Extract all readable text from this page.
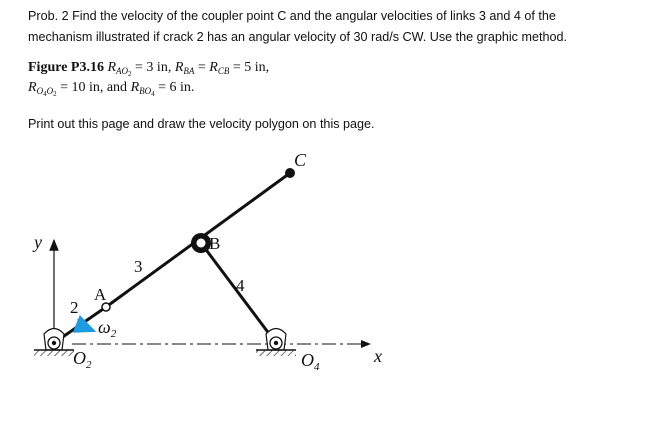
Prob. 2 Find the velocity of the coupler point C and the angular velocities of links 3 and 4 of the
mechanism illustrated if crack 2 has an angular velocity of 30 rad/s CW. Use the graphic method.
Figure P3.16 $R_{AO_2} = 3$ in, $R_{BA} = R_{CB} = 5$ in,
$R_{O_4O_2} = 10$ in, and $R_{BO_4} = 6$ in.
Print out this page and draw the velocity polygon on this page.
y
x
C
B
A
3
4
2
$\omega_2$
$O_2$	$O_4$
